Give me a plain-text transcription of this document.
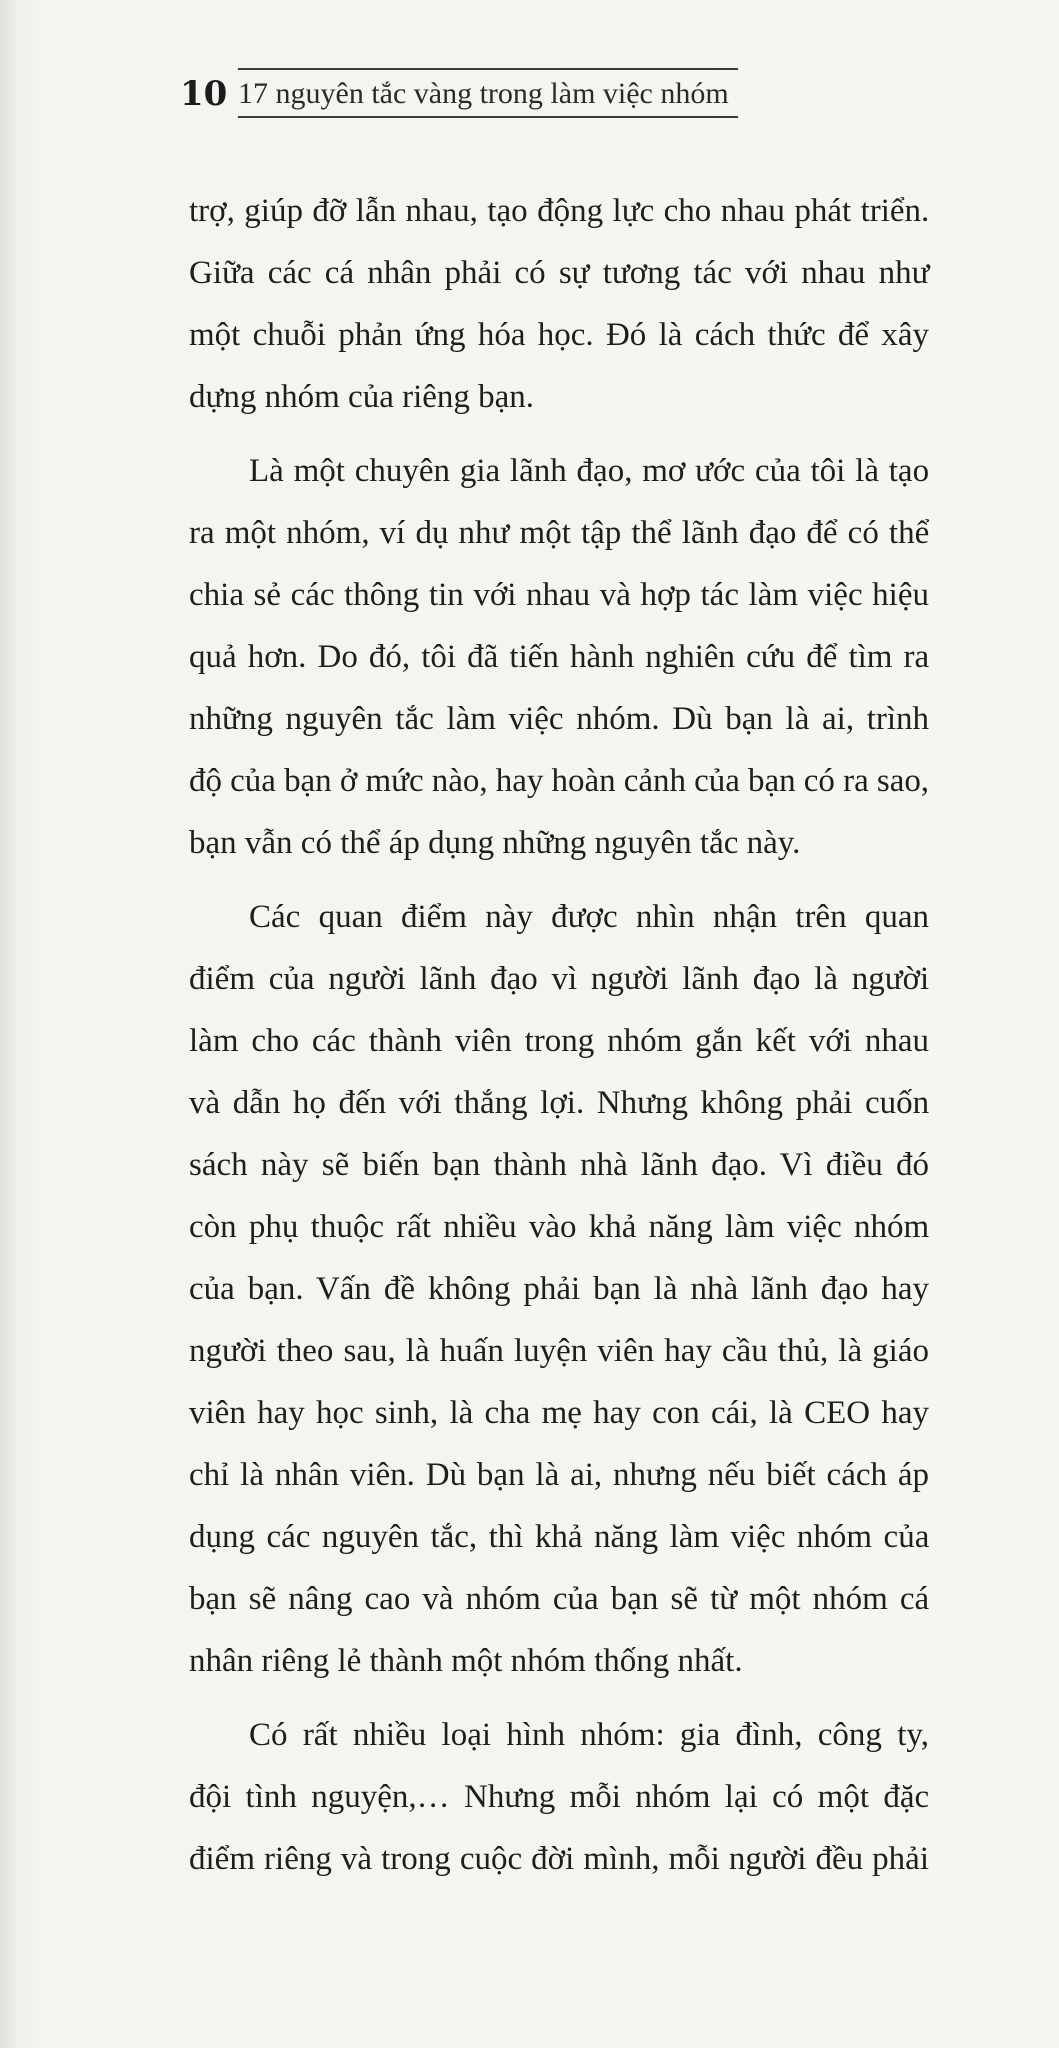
10 17 nguyên tắc vàng trong làm việc nhóm
trợ, giúp đỡ lẫn nhau, tạo động lực cho nhau phát triển.
Giữa các cá nhân phải có sự tương tác với nhau như
một chuỗi phản ứng hóa học. Đó là cách thức để xây
dựng nhóm của riêng bạn.
Là một chuyên gia lãnh đạo, mơ ước của tôi là tạo
ra một nhóm, ví dụ như một tập thể lãnh đạo để có thể
chia sẻ các thông tin với nhau và hợp tác làm việc hiệu
quả hơn. Do đó, tôi đã tiến hành nghiên cứu để tìm ra
những nguyên tắc làm việc nhóm. Dù bạn là ai, trình
độ của bạn ở mức nào, hay hoàn cảnh của bạn có ra sao,
bạn vẫn có thể áp dụng những nguyên tắc này.
Các quan điểm này được nhìn nhận trên quan
điểm của người lãnh đạo vì người lãnh đạo là người
làm cho các thành viên trong nhóm gắn kết với nhau
và dẫn họ đến với thắng lợi. Nhưng không phải cuốn
sách này sẽ biến bạn thành nhà lãnh đạo. Vì điều đó
còn phụ thuộc rất nhiều vào khả năng làm việc nhóm
của bạn. Vấn đề không phải bạn là nhà lãnh đạo hay
người theo sau, là huấn luyện viên hay cầu thủ, là giáo
viên hay học sinh, là cha mẹ hay con cái, là CEO hay
chỉ là nhân viên. Dù bạn là ai, nhưng nếu biết cách áp
dụng các nguyên tắc, thì khả năng làm việc nhóm của
bạn sẽ nâng cao và nhóm của bạn sẽ từ một nhóm cá
nhân riêng lẻ thành một nhóm thống nhất.
Có rất nhiều loại hình nhóm: gia đình, công ty,
đội tình nguyện,… Nhưng mỗi nhóm lại có một đặc
điểm riêng và trong cuộc đời mình, mỗi người đều phải
